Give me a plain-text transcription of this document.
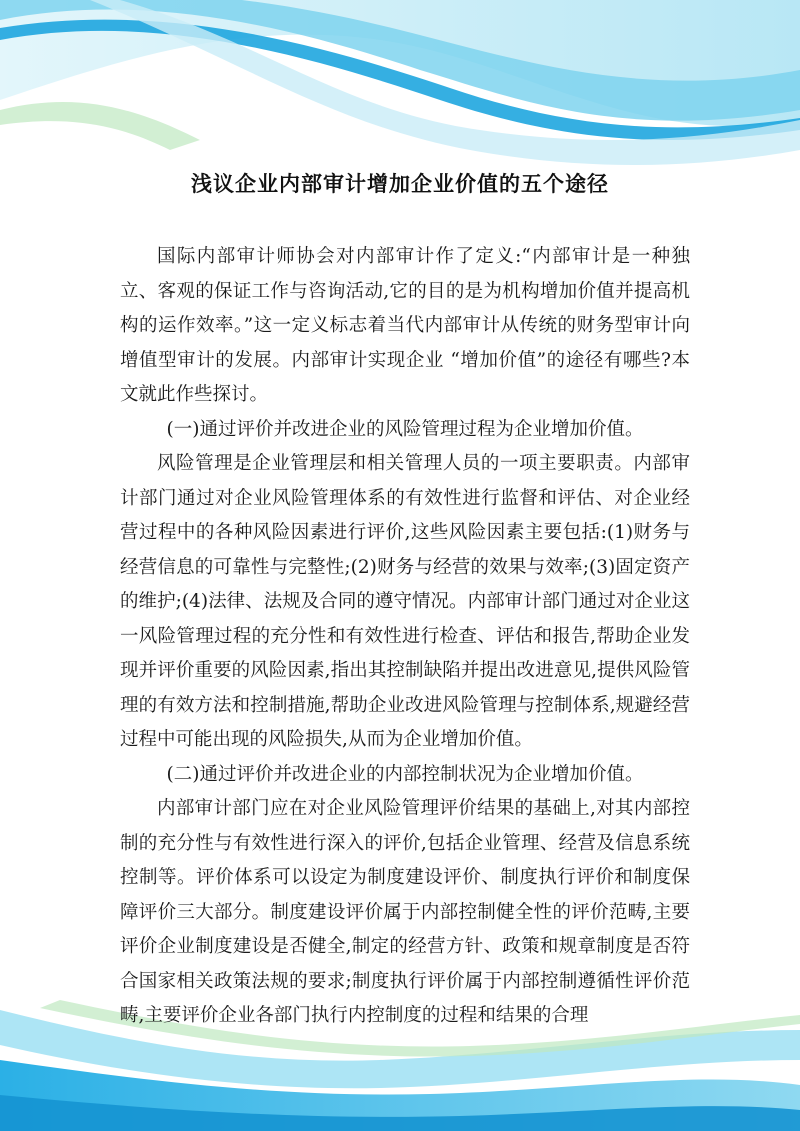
浅议企业内部审计增加企业价值的五个途径

国际内部审计师协会对内部审计作了定义:“内部审计是一种独立、客观的保证工作与咨询活动,它的目的是为机构增加价值并提高机构的运作效率。”这一定义标志着当代内部审计从传统的财务型审计向增值型审计的发展。内部审计实现企业 “增加价值”的途径有哪些?本文就此作些探讨。

(一)通过评价并改进企业的风险管理过程为企业增加价值。

风险管理是企业管理层和相关管理人员的一项主要职责。内部审计部门通过对企业风险管理体系的有效性进行监督和评估、对企业经营过程中的各种风险因素进行评价,这些风险因素主要包括:(1)财务与经营信息的可靠性与完整性;(2)财务与经营的效果与效率;(3)固定资产的维护;(4)法律、法规及合同的遵守情况。内部审计部门通过对企业这一风险管理过程的充分性和有效性进行检查、评估和报告,帮助企业发现并评价重要的风险因素,指出其控制缺陷并提出改进意见,提供风险管理的有效方法和控制措施,帮助企业改进风险管理与控制体系,规避经营过程中可能出现的风险损失,从而为企业增加价值。

(二)通过评价并改进企业的内部控制状况为企业增加价值。

内部审计部门应在对企业风险管理评价结果的基础上,对其内部控制的充分性与有效性进行深入的评价,包括企业管理、经营及信息系统控制等。评价体系可以设定为制度建设评价、制度执行评价和制度保障评价三大部分。制度建设评价属于内部控制健全性的评价范畴,主要评价企业制度建设是否健全,制定的经营方针、政策和规章制度是否符合国家相关政策法规的要求;制度执行评价属于内部控制遵循性评价范畴,主要评价企业各部门执行内控制度的过程和结果的合理
